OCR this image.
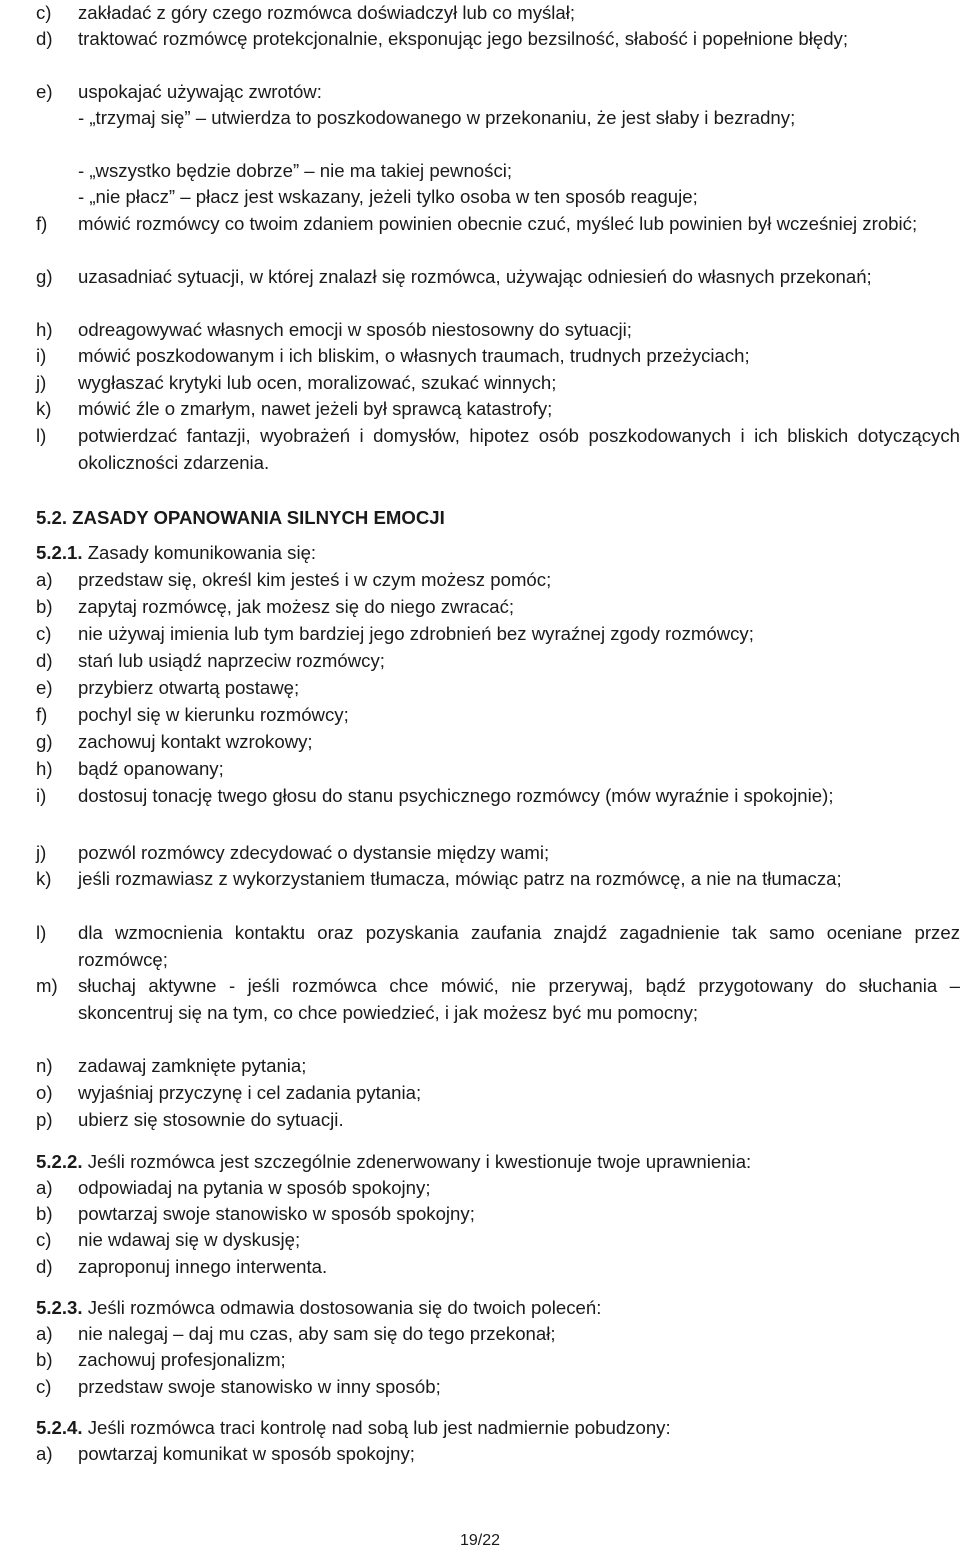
c) zakładać z góry czego rozmówca doświadczył lub co myślał;
d) traktować rozmówcę protekcjonalnie, eksponując jego bezsilność, słabość i popełnione błędy;
e) uspokajać używając zwrotów:
- „trzymaj się” – utwierdza to poszkodowanego w przekonaniu, że jest słaby i bezradny;
- „wszystko będzie dobrze” – nie ma takiej pewności;
- „nie płacz” – płacz jest wskazany, jeżeli tylko osoba w ten sposób reaguje;
f) mówić rozmówcy co twoim zdaniem powinien obecnie czuć, myśleć lub powinien był wcześniej zrobić;
g) uzasadniać sytuacji, w której znalazł się rozmówca, używając odniesień do własnych przekonań;
h) odreagowywać własnych emocji w sposób niestosowny do sytuacji;
i) mówić poszkodowanym i ich bliskim, o własnych traumach, trudnych przeżyciach;
j) wygłaszać krytyki lub ocen, moralizować, szukać winnych;
k) mówić źle o zmarłym, nawet jeżeli był sprawcą katastrofy;
l) potwierdzać fantazji, wyobrażeń i domysłów, hipotez osób poszkodowanych i ich bliskich dotyczących okoliczności zdarzenia.
5.2. ZASADY OPANOWANIA SILNYCH EMOCJI
5.2.1. Zasady komunikowania się:
a) przedstaw się, określ kim jesteś i w czym możesz pomóc;
b) zapytaj rozmówcę, jak możesz się do niego zwracać;
c) nie używaj imienia lub tym bardziej jego zdrobnień bez wyraźnej zgody rozmówcy;
d) stań lub usiądź naprzeciw rozmówcy;
e) przybierz otwartą postawę;
f) pochyl się w kierunku rozmówcy;
g) zachowuj kontakt wzrokowy;
h) bądź opanowany;
i) dostosuj tonację twego głosu do stanu psychicznego rozmówcy (mów wyraźnie i spokojnie);
j) pozwól rozmówcy zdecydować o dystansie między wami;
k) jeśli rozmawiasz z wykorzystaniem tłumacza, mówiąc patrz na rozmówcę, a nie na tłumacza;
l) dla wzmocnienia kontaktu oraz pozyskania zaufania znajdź zagadnienie tak samo oceniane przez rozmówcę;
m) słuchaj aktywne - jeśli rozmówca chce mówić, nie przerywaj, bądź przygotowany do słuchania – skoncentruj się na tym, co chce powiedzieć, i jak możesz być mu pomocny;
n) zadawaj zamknięte pytania;
o) wyjaśniaj przyczynę i cel zadania pytania;
p) ubierz się stosownie do sytuacji.
5.2.2. Jeśli rozmówca jest szczególnie zdenerwowany i kwestionuje twoje uprawnienia:
a) odpowiadaj na pytania w sposób spokojny;
b) powtarzaj swoje stanowisko w sposób spokojny;
c) nie wdawaj się w dyskusję;
d) zaproponuj innego interwenta.
5.2.3. Jeśli rozmówca odmawia dostosowania się do twoich poleceń:
a) nie nalegaj – daj mu czas, aby sam się do tego przekonał;
b) zachowuj profesjonalizm;
c) przedstaw swoje stanowisko w inny sposób;
5.2.4. Jeśli rozmówca traci kontrolę nad sobą lub jest nadmiernie pobudzony:
a) powtarzaj komunikat w sposób spokojny;
19/22
